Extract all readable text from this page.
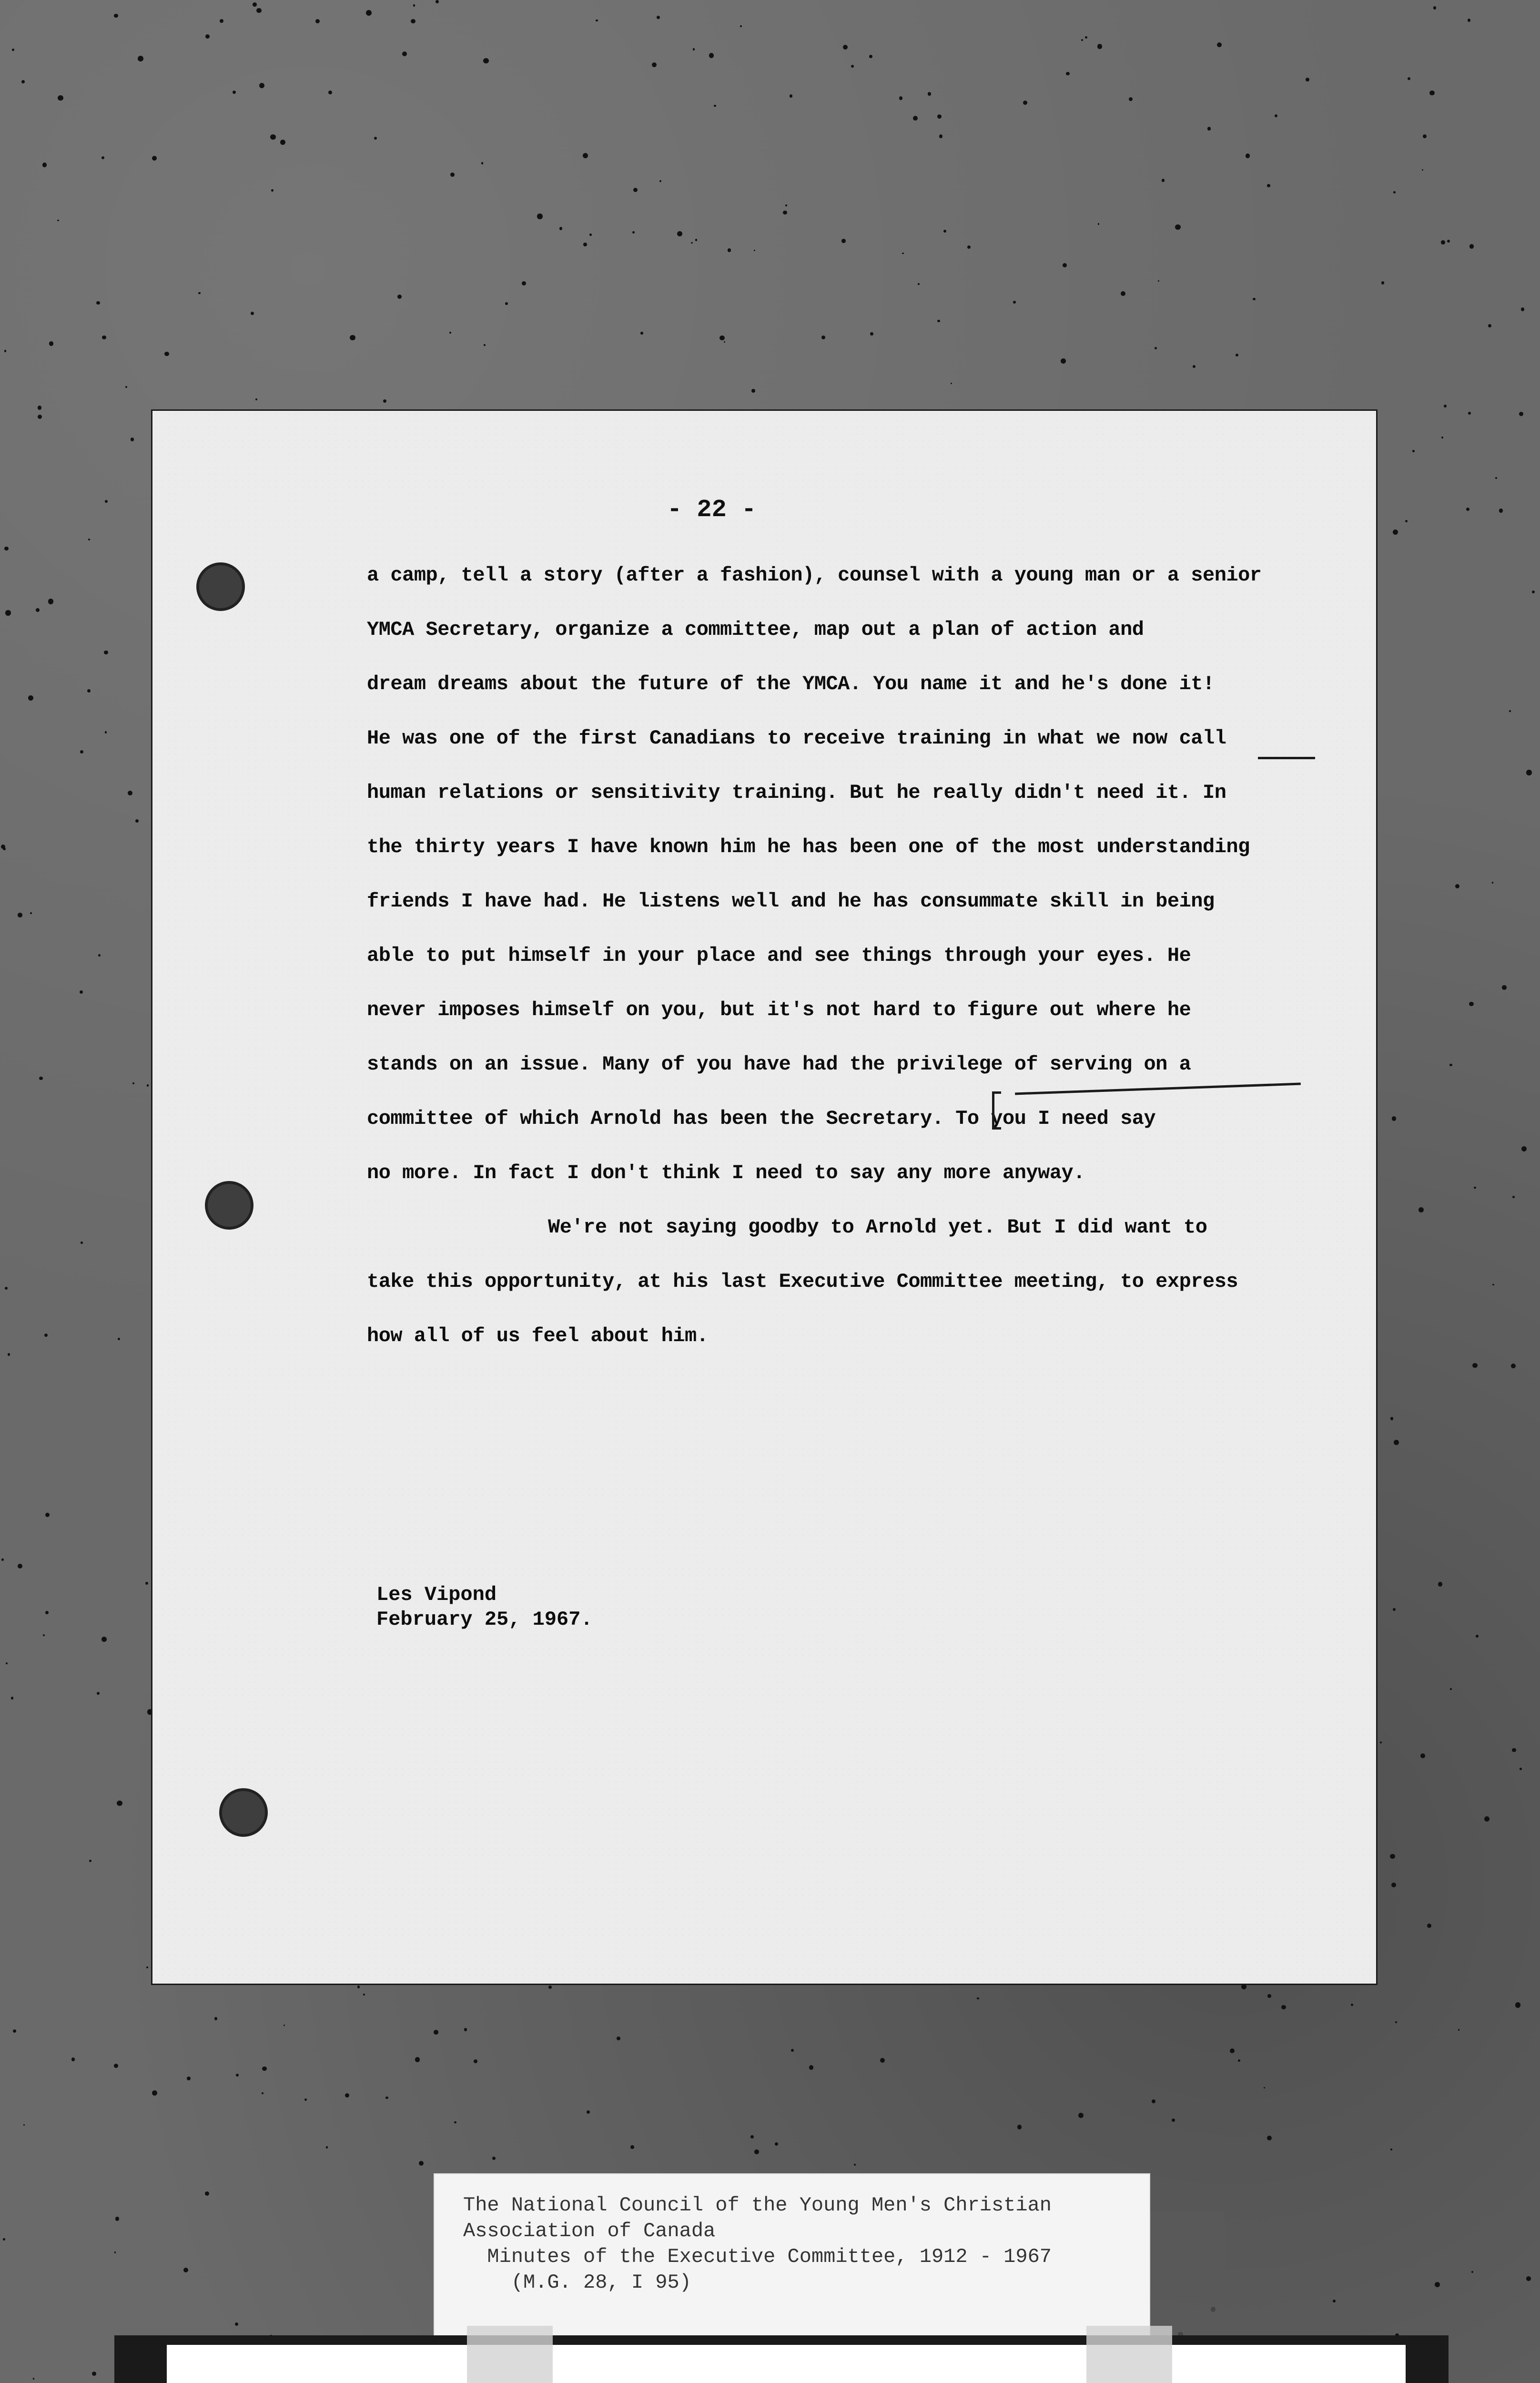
- 22 -
a camp, tell a story (after a fashion), counsel with a young man or a senior
YMCA Secretary, organize a committee, map out a plan of action and
dream dreams about the future of the YMCA. You name it and he's done it!
He was one of the first Canadians to receive training in what we now call
human relations or sensitivity training. But he really didn't need it. In
the thirty years I have known him he has been one of the most understanding
friends I have had. He listens well and he has consummate skill in being
able to put himself in your place and see things through your eyes. He
never imposes himself on you, but it's not hard to figure out where he
stands on an issue. Many of you have had the privilege of serving on a
committee of which Arnold has been the Secretary. To you I need say
no more. In fact I don't think I need to say any more anyway.
We're not saying goodby to Arnold yet. But I did want to
take this opportunity, at his last Executive Committee meeting, to express
how all of us feel about him.
Les Vipond
February 25, 1967.
The National Council of the Young Men's Christian
Association of Canada
Minutes of the Executive Committee, 1912 - 1967
(M.G. 28, I 95)
